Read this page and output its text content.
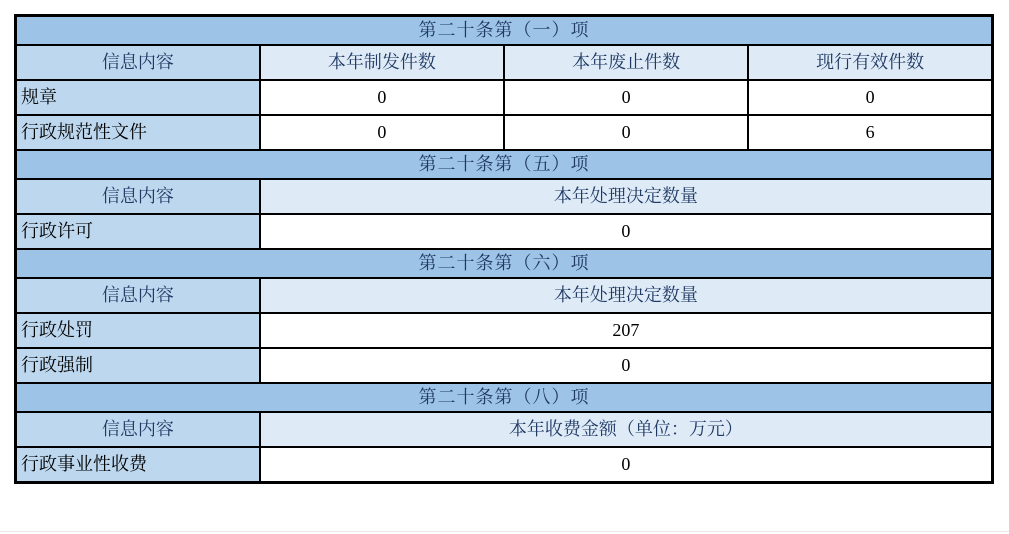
第二十条第（一）项			
信息内容	本年制发件数	本年废止件数	现行有效件数
规章	0	0	0
行政规范性文件	0	0	6
第二十条第（五）项			
信息内容	本年处理决定数量		
行政许可	0		
第二十条第（六）项			
信息内容	本年处理决定数量		
行政处罚	207		
行政强制	0		
第二十条第（八）项			
信息内容	本年收费金额（单位：万元）		
行政事业性收费	0		
